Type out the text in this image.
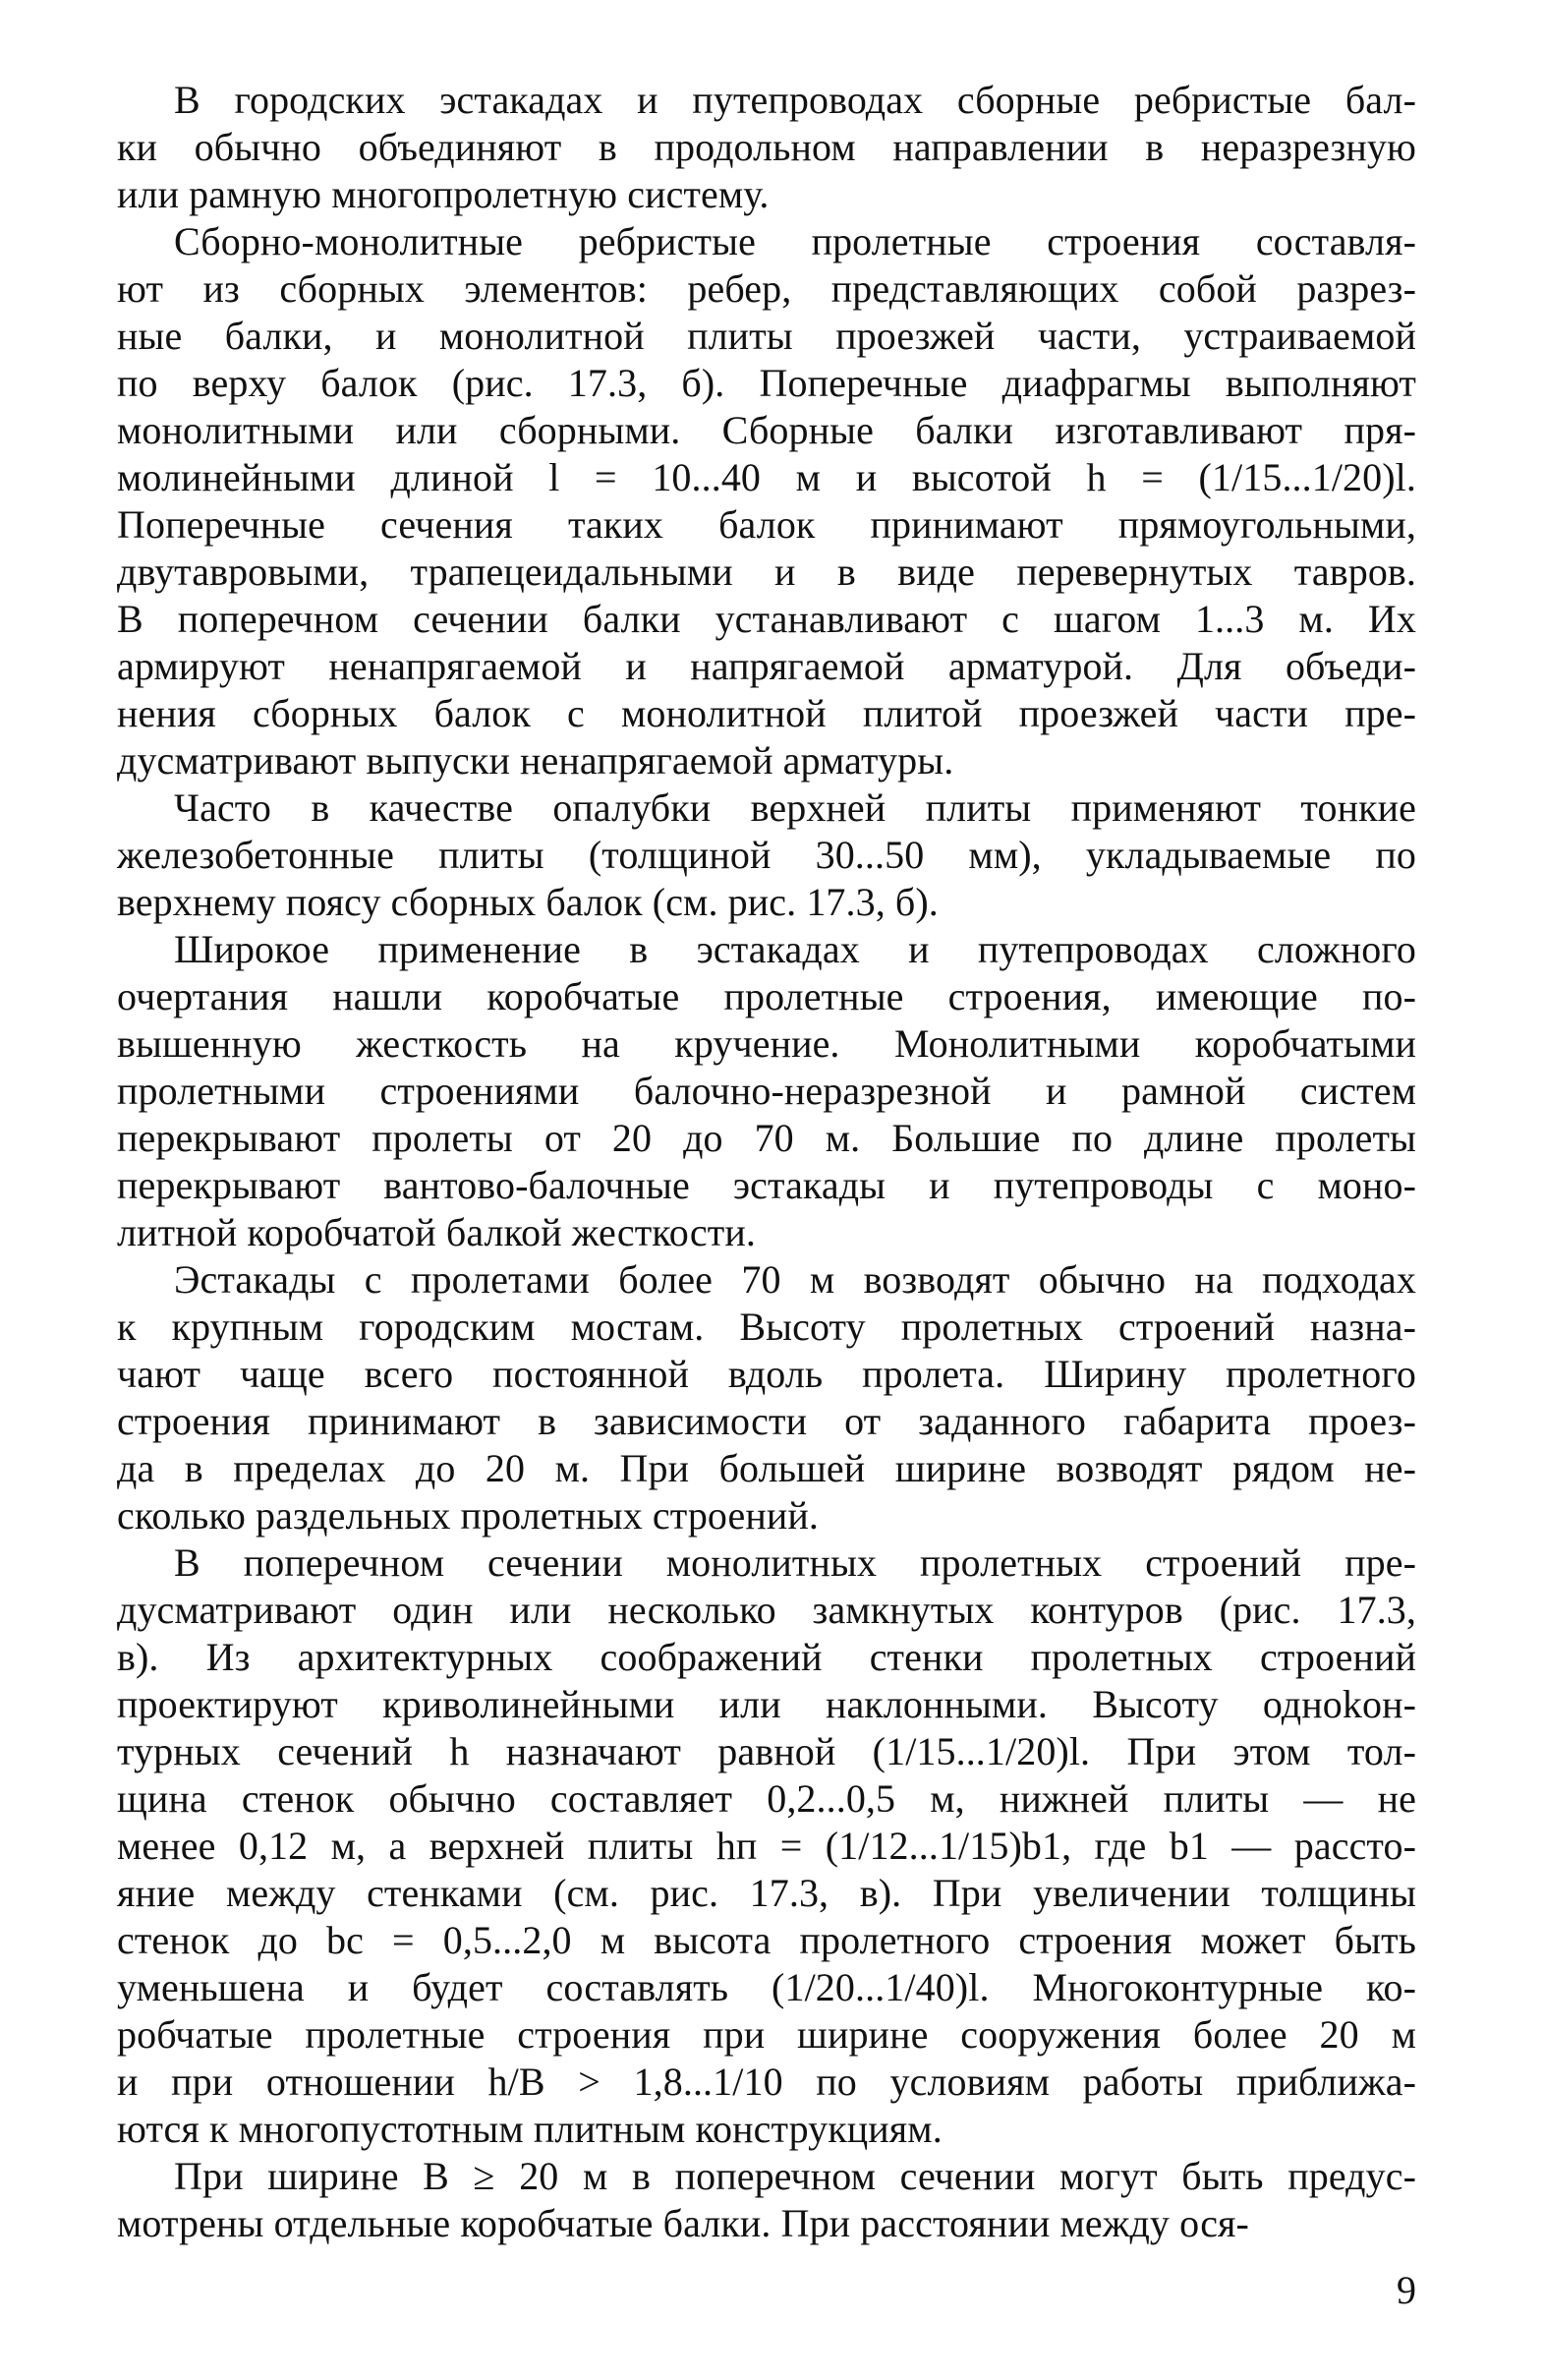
В городских эстакадах и путепроводах сборные ребристые бал-
ки обычно объединяют в продольном направлении в неразрезную
или рамную многопролетную систему.
Сборно-монолитные ребристые пролетные строения составля-
ют из сборных элементов: ребер, представляющих собой разрез-
ные балки, и монолитной плиты проезжей части, устраиваемой
по верху балок (рис. 17.3, б). Поперечные диафрагмы выполняют
монолитными или сборными. Сборные балки изготавливают пря-
молинейными длиной l = 10...40 м и высотой h = (1/15...1/20)l.
Поперечные сечения таких балок принимают прямоугольными,
двутавровыми, трапецеидальными и в виде перевернутых тавров.
В поперечном сечении балки устанавливают с шагом 1...3 м. Их
армируют ненапрягаемой и напрягаемой арматурой. Для объеди-
нения сборных балок с монолитной плитой проезжей части пре-
дусматривают выпуски ненапрягаемой арматуры.
Часто в качестве опалубки верхней плиты применяют тонкие
железобетонные плиты (толщиной 30...50 мм), укладываемые по
верхнему поясу сборных балок (см. рис. 17.3, б).
Широкое применение в эстакадах и путепроводах сложного
очертания нашли коробчатые пролетные строения, имеющие по-
вышенную жесткость на кручение. Монолитными коробчатыми
пролетными строениями балочно-неразрезной и рамной систем
перекрывают пролеты от 20 до 70 м. Большие по длине пролеты
перекрывают вантово-балочные эстакады и путепроводы с моно-
литной коробчатой балкой жесткости.
Эстакады с пролетами более 70 м возводят обычно на подходах
к крупным городским мостам. Высоту пролетных строений назна-
чают чаще всего постоянной вдоль пролета. Ширину пролетного
строения принимают в зависимости от заданного габарита проез-
да в пределах до 20 м. При большей ширине возводят рядом не-
сколько раздельных пролетных строений.
В поперечном сечении монолитных пролетных строений пре-
дусматривают один или несколько замкнутых контуров (рис. 17.3,
в). Из архитектурных соображений стенки пролетных строений
проектируют криволинейными или наклонными. Высоту одноkон-
турных сечений h назначают равной (1/15...1/20)l. При этом тол-
щина стенок обычно составляет 0,2...0,5 м, нижней плиты — не
менее 0,12 м, а верхней плиты hп = (1/12...1/15)b1, где b1 — рассто-
яние между стенками (см. рис. 17.3, в). При увеличении толщины
стенок до bс = 0,5...2,0 м высота пролетного строения может быть
уменьшена и будет составлять (1/20...1/40)l. Многоконтурные ко-
робчатые пролетные строения при ширине сооружения более 20 м
и при отношении h/B > 1,8...1/10 по условиям работы приближа-
ются к многопустотным плитным конструкциям.
При ширине B ≥ 20 м в поперечном сечении могут быть предус-
мотрены отдельные коробчатые балки. При расстоянии между ося-
9
